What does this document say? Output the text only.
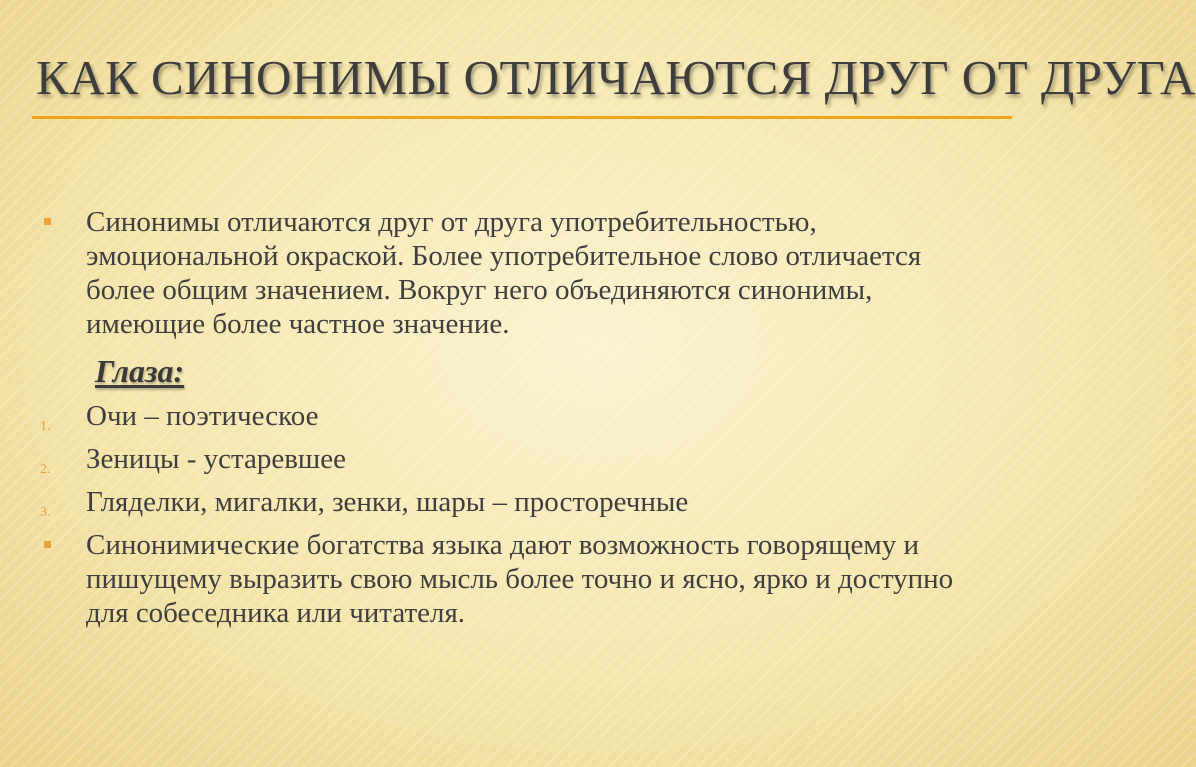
КАК СИНОНИМЫ ОТЛИЧАЮТСЯ ДРУГ ОТ ДРУГА
Синонимы отличаются друг от друга употребительностью, эмоциональной окраской. Более употребительное слово отличается более общим значением. Вокруг него объединяются синонимы, имеющие более частное значение.
Глаза:
1. Очи – поэтическое
2. Зеницы - устаревшее
3. Гляделки, мигалки, зенки, шары – просторечные
Синонимические богатства языка дают возможность говорящему и пишущему выразить свою мысль более точно и ясно, ярко и доступно для собеседника или читателя.
